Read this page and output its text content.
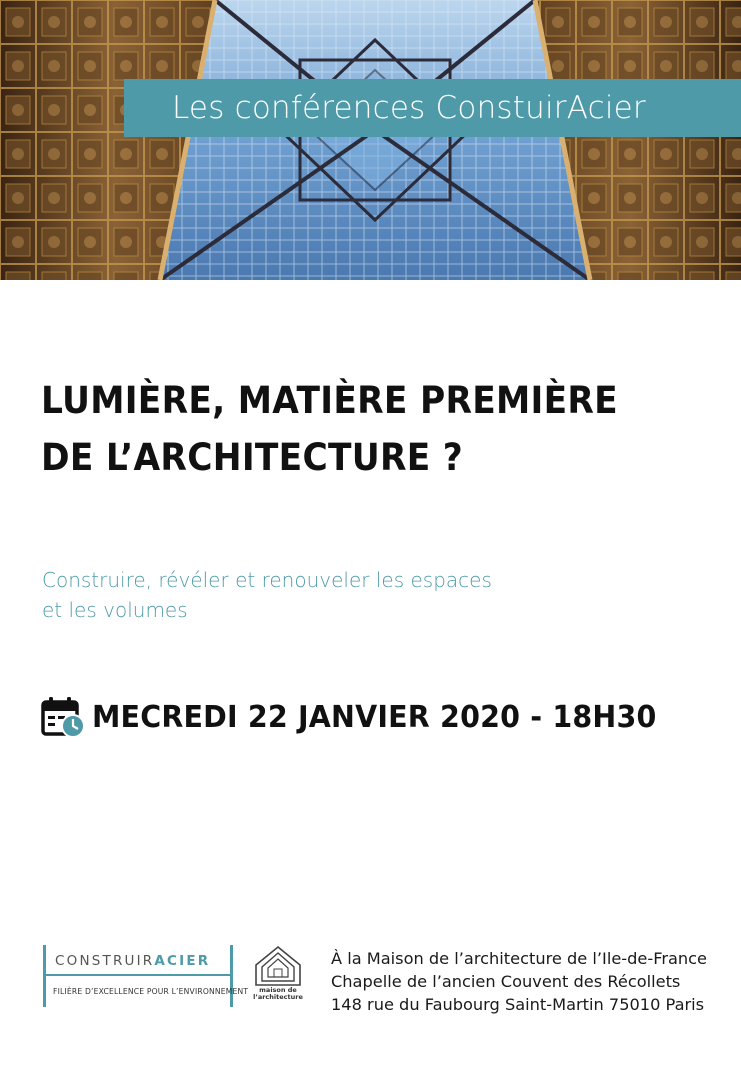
Les conférences ConstuirAcier
LUMIÈRE, MATIÈRE PREMIÈRE
DE L’ARCHITECTURE ?

Construire, révéler et renouveler les espaces
et les volumes

MECREDI 22 JANVIER 2020 - 18H30
CONSTRUIRACIER
FILIÈRE D’EXCELLENCE POUR L’ENVIRONNEMENT	maison de
l’architecture
À la Maison de l’architecture de l’Ile-de-France
Chapelle de l’ancien Couvent des Récollets
148 rue du Faubourg Saint-Martin 75010 Paris
